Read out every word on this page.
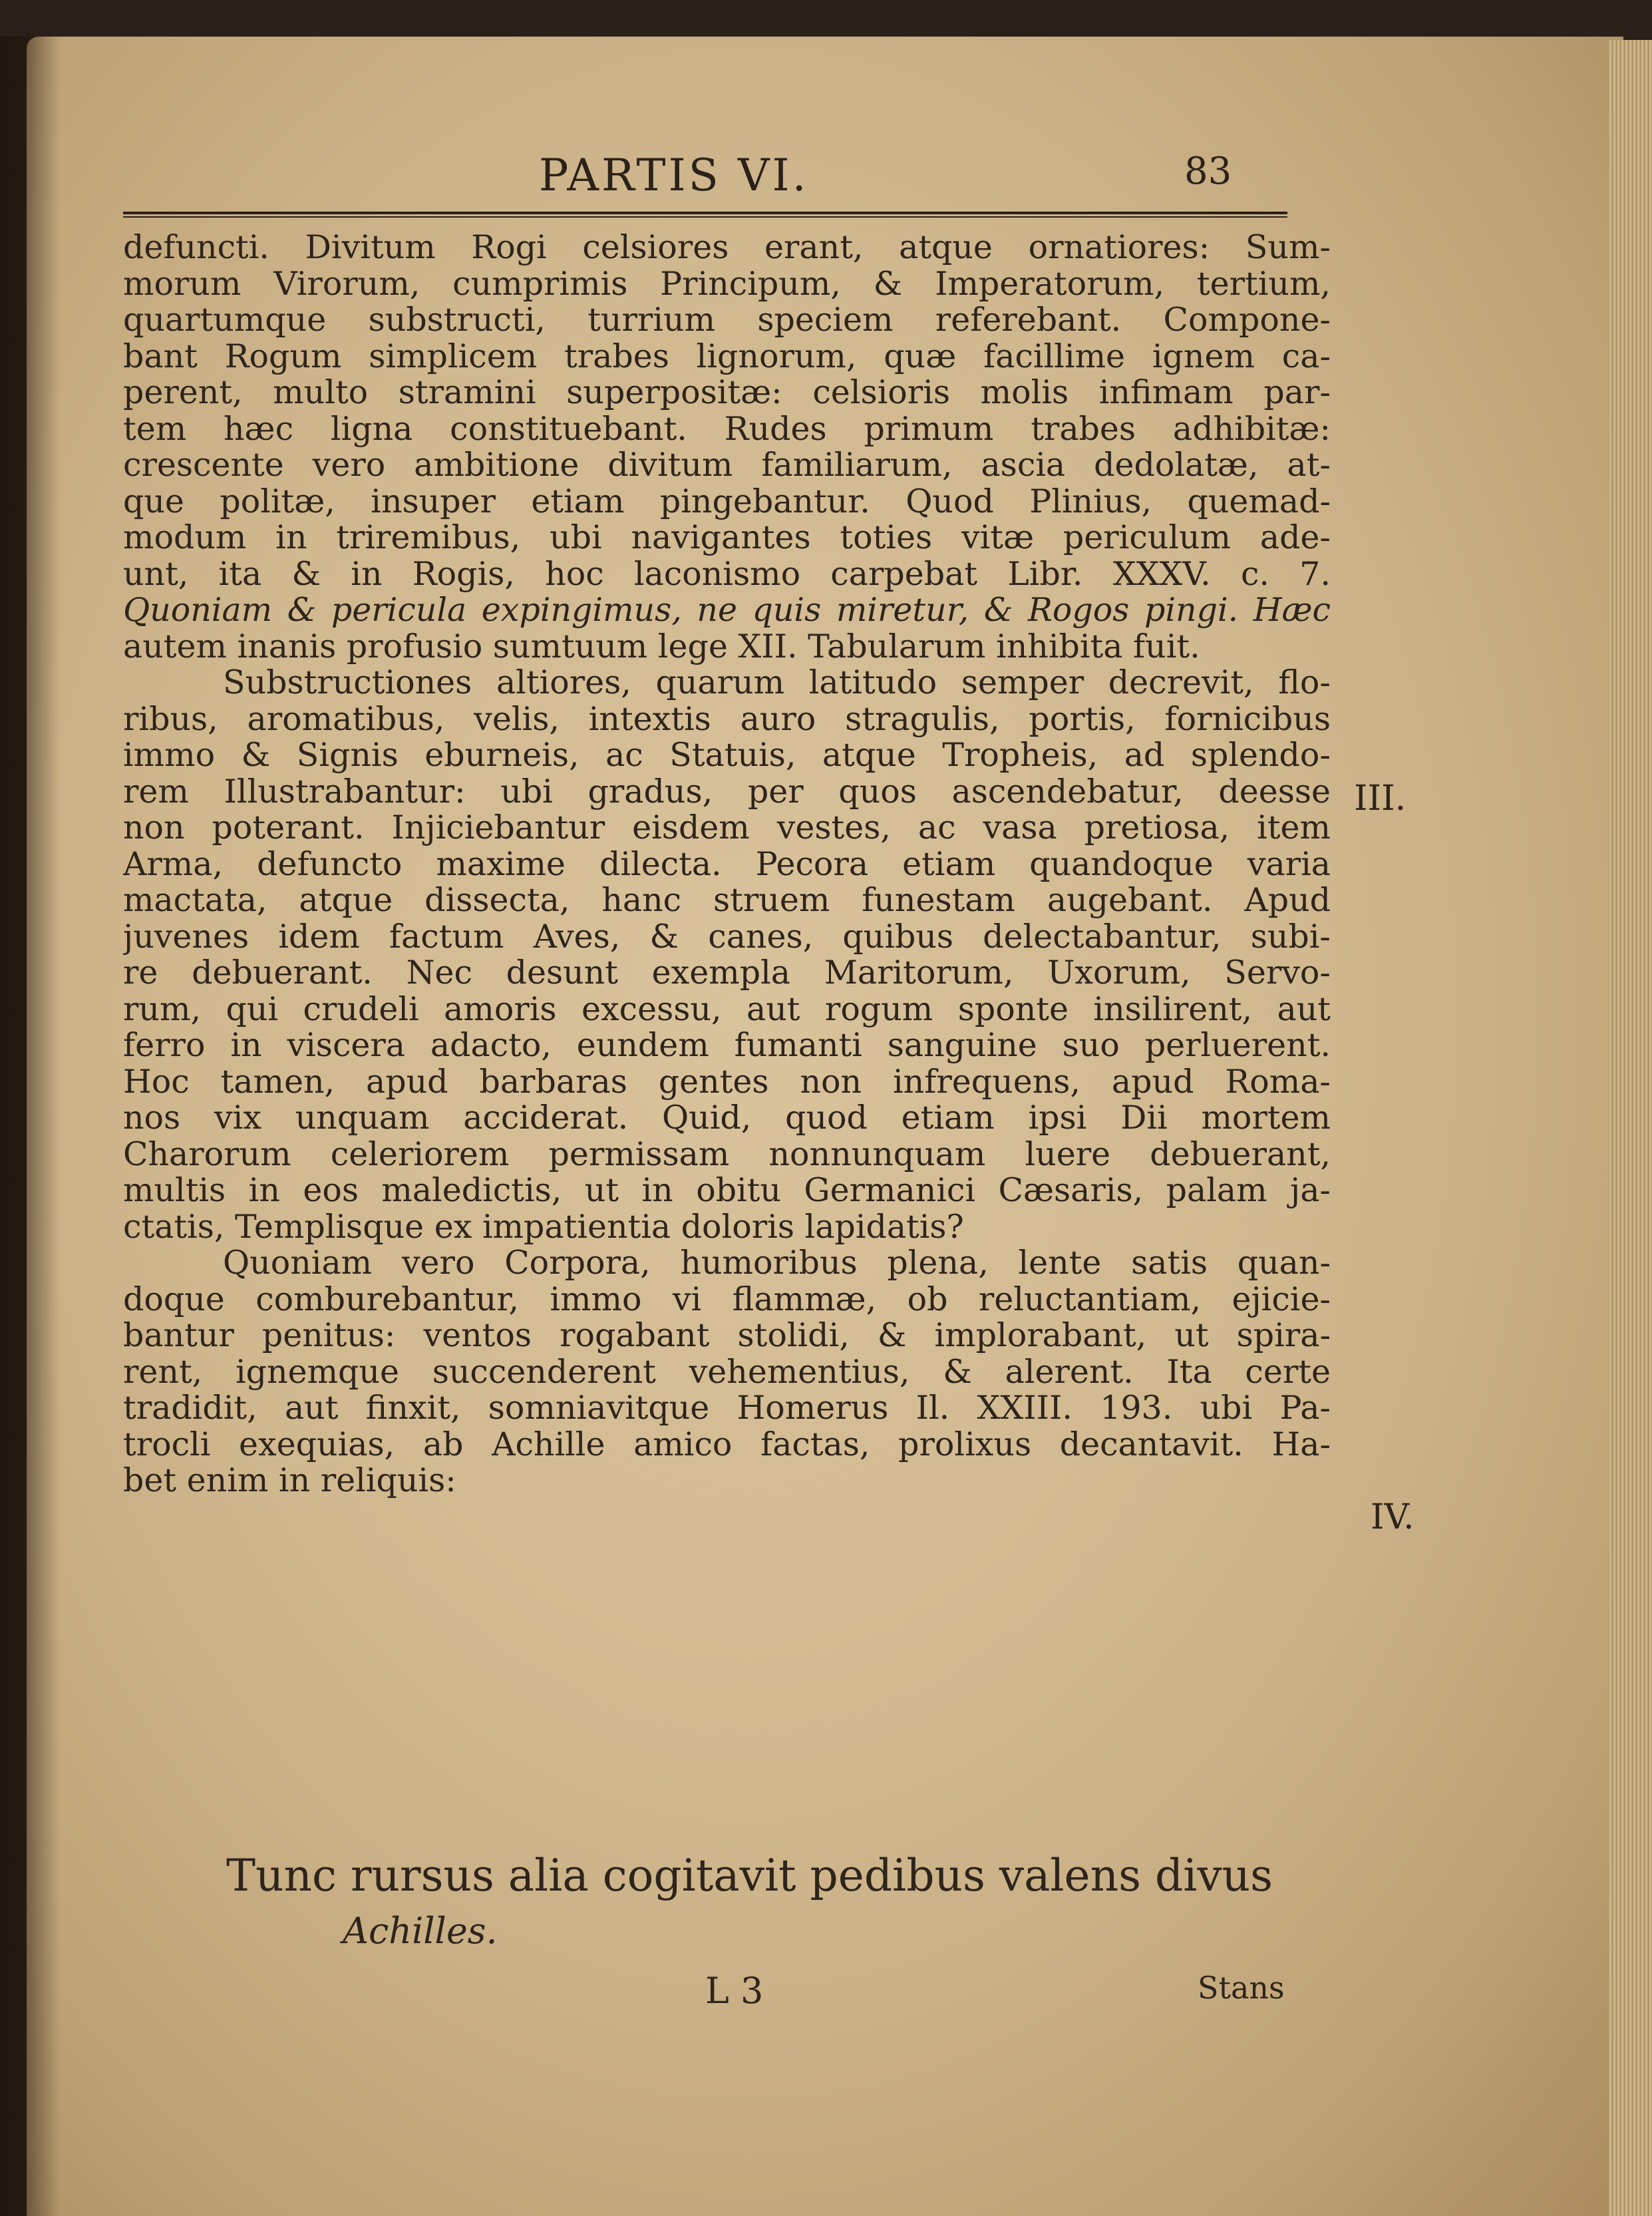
PARTIS VI.	83
defuncti. Divitum Rogi celsiores erant, atque ornatiores: Sum-
morum Virorum, cumprimis Principum, & Imperatorum, tertium,
quartumque substructi, turrium speciem referebant. Compone-
bant Rogum simplicem trabes lignorum, quæ facillime ignem ca-
perent, multo stramini superpositæ: celsioris molis infimam par-
tem hæc ligna constituebant. Rudes primum trabes adhibitæ:
crescente vero ambitione divitum familiarum, ascia dedolatæ, at-
que politæ, insuper etiam pingebantur. Quod Plinius, quemad-
modum in triremibus, ubi navigantes toties vitæ periculum ade-
unt, ita & in Rogis, hoc laconismo carpebat Libr. XXXV. c. 7.
Quoniam & pericula expingimus, ne quis miretur, & Rogos pingi. Hæc
autem inanis profusio sumtuum lege XII. Tabularum inhibita fuit.
Substructiones altiores, quarum latitudo semper decrevit, flo-
ribus, aromatibus, velis, intextis auro stragulis, portis, fornicibus
immo & Signis eburneis, ac Statuis, atque Tropheis, ad splendo-
rem Illustrabantur: ubi gradus, per quos ascendebatur, deesse
non poterant. Injiciebantur eisdem vestes, ac vasa pretiosa, item
Arma, defuncto maxime dilecta. Pecora etiam quandoque varia
mactata, atque dissecta, hanc struem funestam augebant. Apud
juvenes idem factum Aves, & canes, quibus delectabantur, subi-
re debuerant. Nec desunt exempla Maritorum, Uxorum, Servo-
rum, qui crudeli amoris excessu, aut rogum sponte insilirent, aut
ferro in viscera adacto, eundem fumanti sanguine suo perluerent.
Hoc tamen, apud barbaras gentes non infrequens, apud Roma-
nos vix unquam acciderat. Quid, quod etiam ipsi Dii mortem
Charorum celeriorem permissam nonnunquam luere debuerant,
multis in eos maledictis, ut in obitu Germanici Cæsaris, palam ja-
ctatis, Templisque ex impatientia doloris lapidatis?
Quoniam vero Corpora, humoribus plena, lente satis quan-
doque comburebantur, immo vi flammæ, ob reluctantiam, ejicie-
bantur penitus: ventos rogabant stolidi, & implorabant, ut spira-
rent, ignemque succenderent vehementius, & alerent. Ita certe
tradidit, aut finxit, somniavitque Homerus Il. XXIII. 193. ubi Pa-
trocli exequias, ab Achille amico factas, prolixus decantavit. Ha-
bet enim in reliquis:
III.
IV.
Tunc rursus alia cogitavit pedibus valens divus
Achilles.
L 3	Stans
